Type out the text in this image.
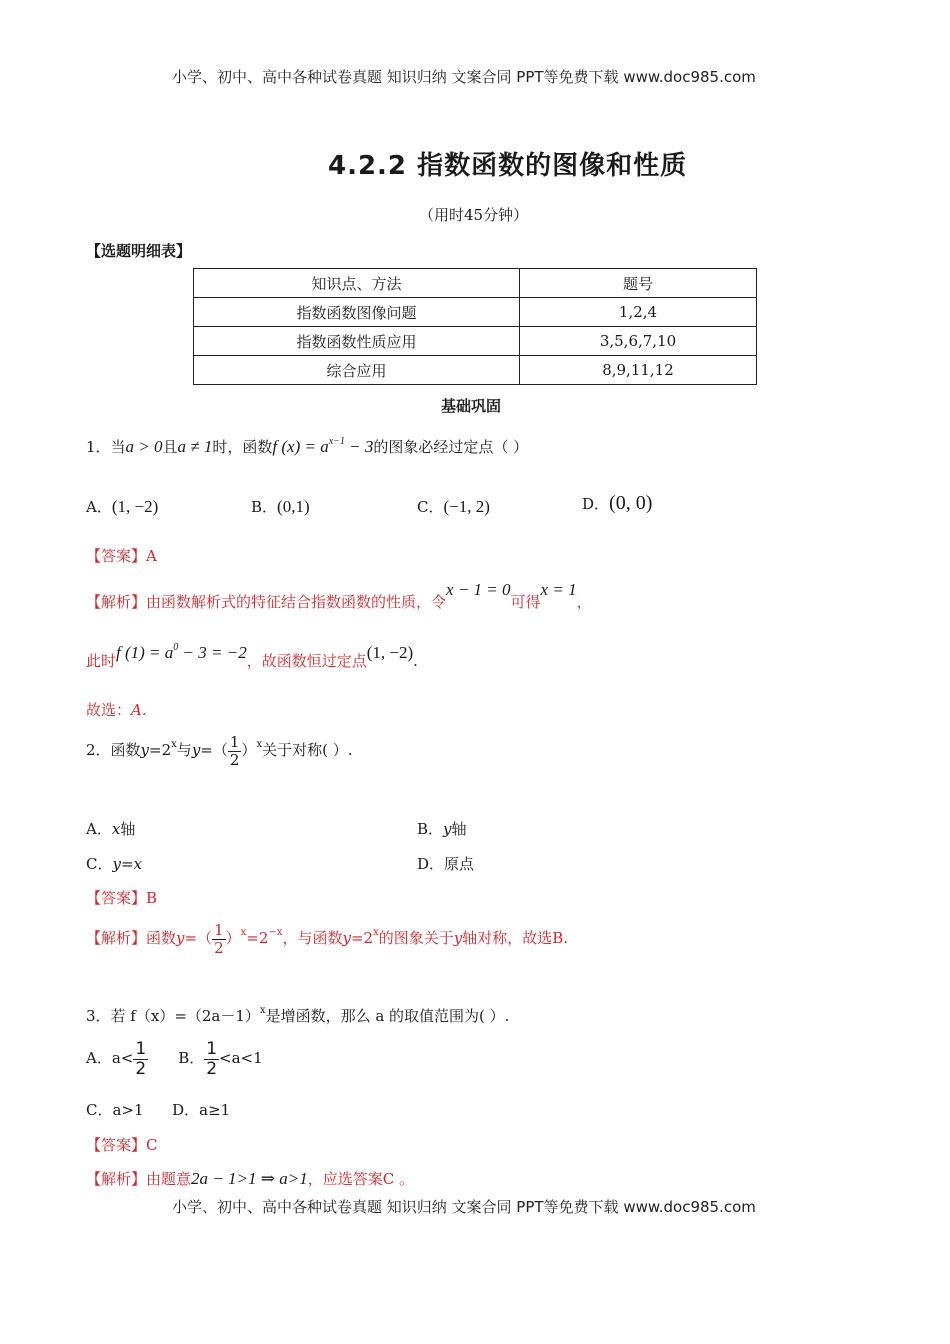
小学、初中、高中各种试卷真题 知识归纳 文案合同 PPT等免费下载 www.doc985.com
小学、初中、高中各种试卷真题 知识归纳 文案合同 PPT等免费下载 www.doc985.com
4.2.2 指数函数的图像和性质
（用时45分钟）
【选题明细表】
知识点、方法	题号
指数函数图像问题	1,2,4
指数函数性质应用	3,5,6,7,10
综合应用	8,9,11,12
基础巩固
1．当a > 0且a ≠ 1时，函数f $(x) = a^{x-1} - 3$的图象必经过定点（ ）
A．(1, −2)	B．(0,1)	C．(−1, 2)	D．(0, 0)
【答案】A
【解析】由函数解析式的特征结合指数函数的性质，令x − 1 = 0可得x = 1，
此时f $(1) = a^0 - 3 = -2$，故函数恒过定点(1, −2).
故选：A.
2．函数$y=2^x$与$y=( \frac{1}{2} )^x$关于对称( ）.
A．x轴	B．y轴
C．y=x	D．原点
【答案】B
【解析】函数$y=( \frac{1}{2} )^x=2^{-x}$，与函数$y=2^x$的图象关于y轴对称，故选B.
3．若 $f(x)=(2a-1)^x$是增函数，那么 a 的取值范围为( ）.
A．$a< \frac{1}{2}$ B． $\frac{1}{2} <a<1$
C．a>1      D．a≥1
【答案】C
【解析】由题意2a − 1>1 ⇒ a>1，应选答案C 。
